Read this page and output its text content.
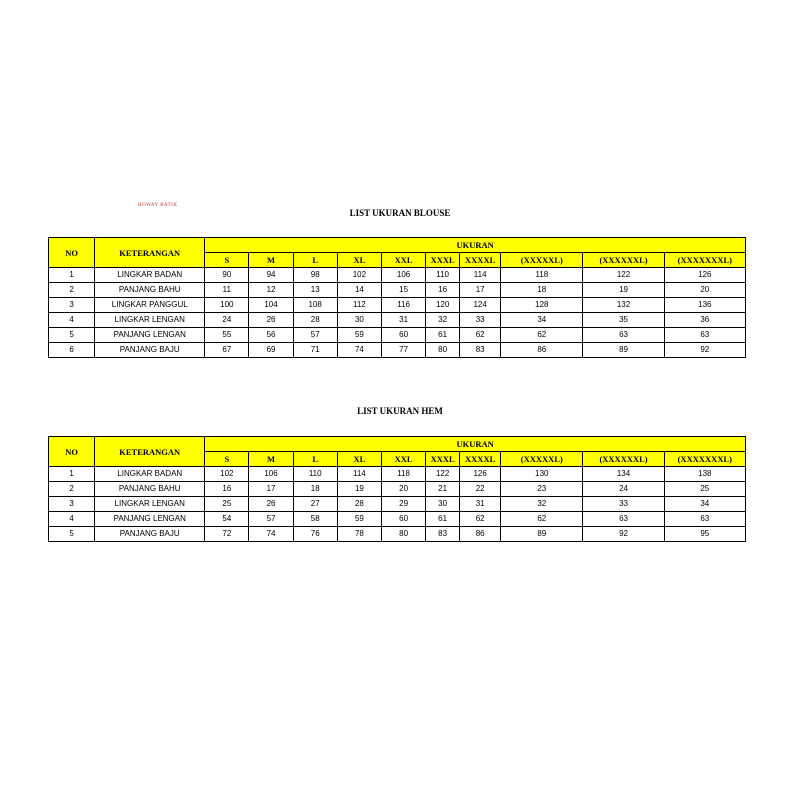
HOWAY BATIK
LIST UKURAN BLOUSE
NO	KETERANGAN	UKURAN									
		S	M	L	XL	XXL	XXXL	XXXXL	(XXXXXL)	(XXXXXXL)	(XXXXXXXL)
1	LINGKAR BADAN	90	94	98	102	106	110	114	118	122	126
2	PANJANG BAHU	11	12	13	14	15	16	17	18	19	20
3	LINGKAR PANGGUL	100	104	108	112	116	120	124	128	132	136
4	LINGKAR LENGAN	24	26	28	30	31	32	33	34	35	36
5	PANJANG LENGAN	55	56	57	59	60	61	62	62	63	63
6	PANJANG BAJU	67	69	71	74	77	80	83	86	89	92
LIST UKURAN HEM
NO	KETERANGAN	UKURAN									
		S	M	L	XL	XXL	XXXL	XXXXL	(XXXXXL)	(XXXXXXL)	(XXXXXXXL)
1	LINGKAR BADAN	102	106	110	114	118	122	126	130	134	138
2	PANJANG BAHU	16	17	18	19	20	21	22	23	24	25
3	LINGKAR LENGAN	25	26	27	28	29	30	31	32	33	34
4	PANJANG LENGAN	54	57	58	59	60	61	62	62	63	63
5	PANJANG BAJU	72	74	76	78	80	83	86	89	92	95
